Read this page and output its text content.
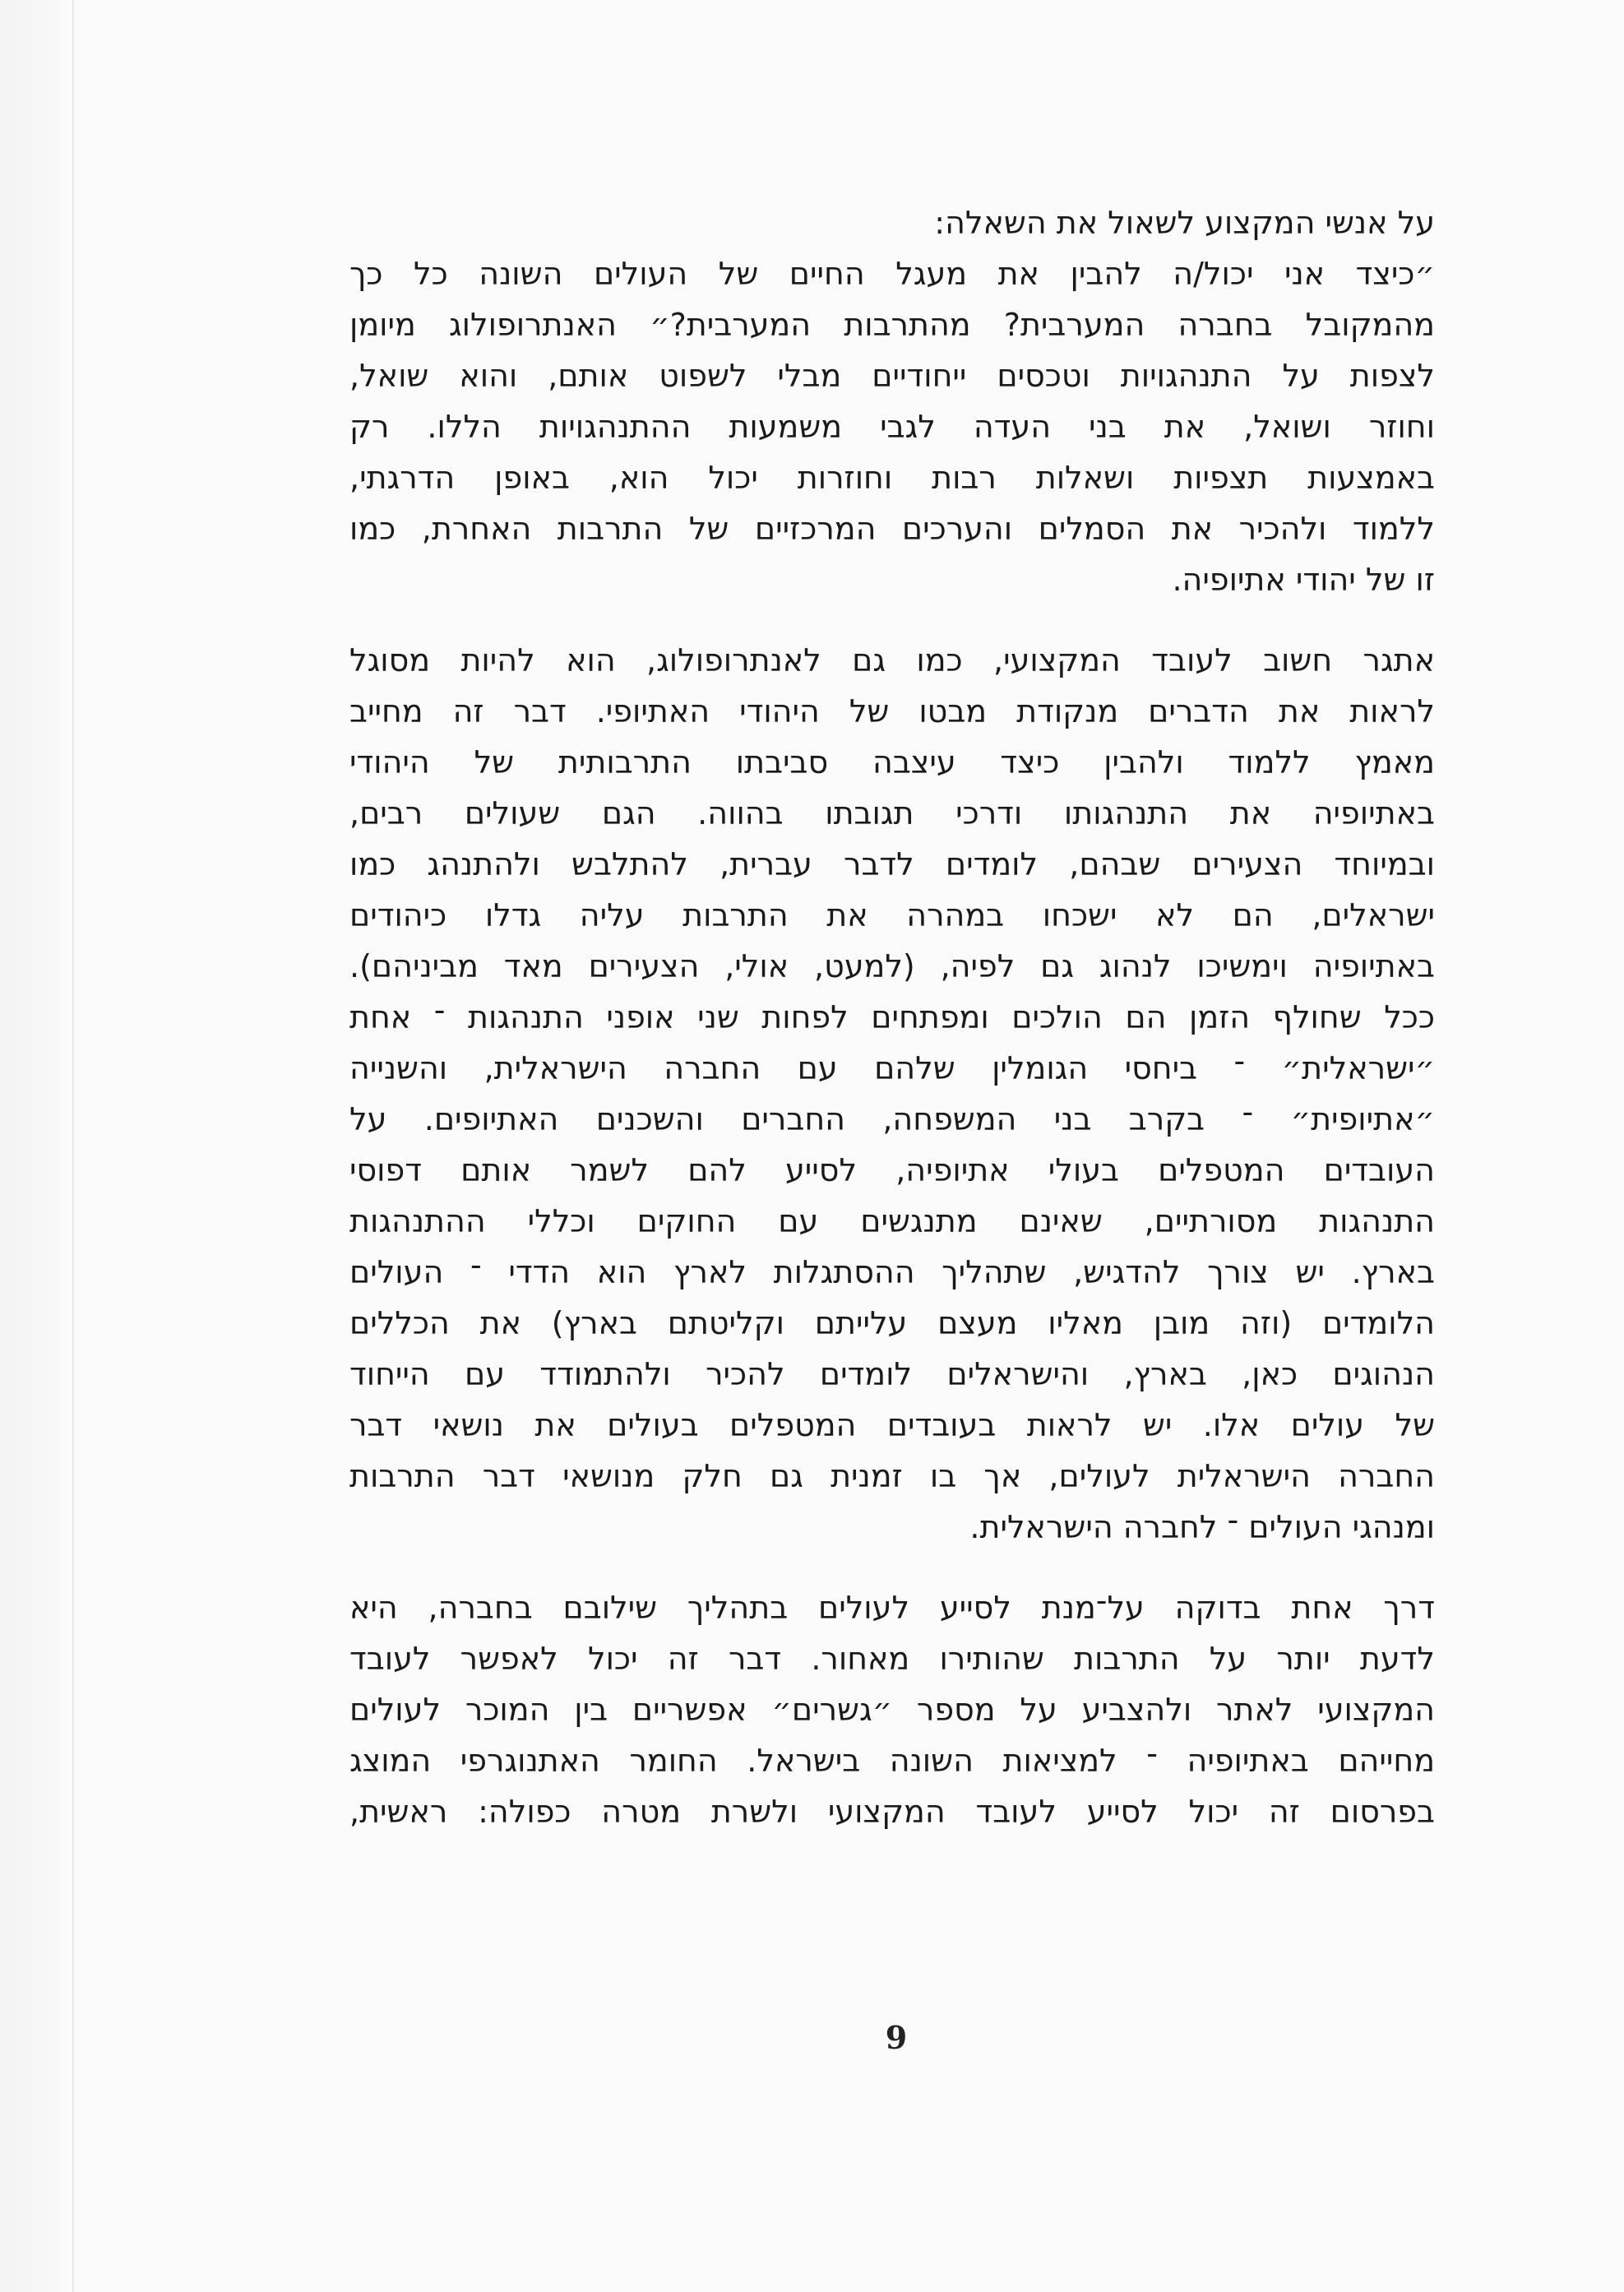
על אנשי המקצוע לשאול את השאלה:
״כיצד אני יכול/ה להבין את מעגל החיים של העולים השונה כל כך
מהמקובל בחברה המערבית? מהתרבות המערבית?״ האנתרופולוג מיומן
לצפות על התנהגויות וטכסים ייחודיים מבלי לשפוט אותם, והוא שואל,
וחוזר ושואל, את בני העדה לגבי משמעות ההתנהגויות הללו. רק
באמצעות תצפיות ושאלות רבות וחוזרות יכול הוא, באופן הדרגתי,
ללמוד ולהכיר את הסמלים והערכים המרכזיים של התרבות האחרת, כמו
זו של יהודי אתיופיה.
אתגר חשוב לעובד המקצועי, כמו גם לאנתרופולוג, הוא להיות מסוגל
לראות את הדברים מנקודת מבטו של היהודי האתיופי. דבר זה מחייב
מאמץ ללמוד ולהבין כיצד עיצבה סביבתו התרבותית של היהודי
באתיופיה את התנהגותו ודרכי תגובתו בהווה. הגם שעולים רבים,
ובמיוחד הצעירים שבהם, לומדים לדבר עברית, להתלבש ולהתנהג כמו
ישראלים, הם לא ישכחו במהרה את התרבות עליה גדלו כיהודים
באתיופיה וימשיכו לנהוג גם לפיה, (למעט, אולי, הצעירים מאד מביניהם).
ככל שחולף הזמן הם הולכים ומפתחים לפחות שני אופני התנהגות ־ אחת
״ישראלית״ ־ ביחסי הגומלין שלהם עם החברה הישראלית, והשנייה
״אתיופית״ ־ בקרב בני המשפחה, החברים והשכנים האתיופים. על
העובדים המטפלים בעולי אתיופיה, לסייע להם לשמר אותם דפוסי
התנהגות מסורתיים, שאינם מתנגשים עם החוקים וכללי ההתנהגות
בארץ. יש צורך להדגיש, שתהליך ההסתגלות לארץ הוא הדדי ־ העולים
הלומדים (וזה מובן מאליו מעצם עלייתם וקליטתם בארץ) את הכללים
הנהוגים כאן, בארץ, והישראלים לומדים להכיר ולהתמודד עם הייחוד
של עולים אלו. יש לראות בעובדים המטפלים בעולים את נושאי דבר
החברה הישראלית לעולים, אך בו זמנית גם חלק מנושאי דבר התרבות
ומנהגי העולים ־ לחברה הישראלית.
דרך אחת בדוקה על־מנת לסייע לעולים בתהליך שילובם בחברה, היא
לדעת יותר על התרבות שהותירו מאחור. דבר זה יכול לאפשר לעובד
המקצועי לאתר ולהצביע על מספר ״גשרים״ אפשריים בין המוכר לעולים
מחייהם באתיופיה ־ למציאות השונה בישראל. החומר האתנוגרפי המוצג
בפרסום זה יכול לסייע לעובד המקצועי ולשרת מטרה כפולה: ראשית,
9
